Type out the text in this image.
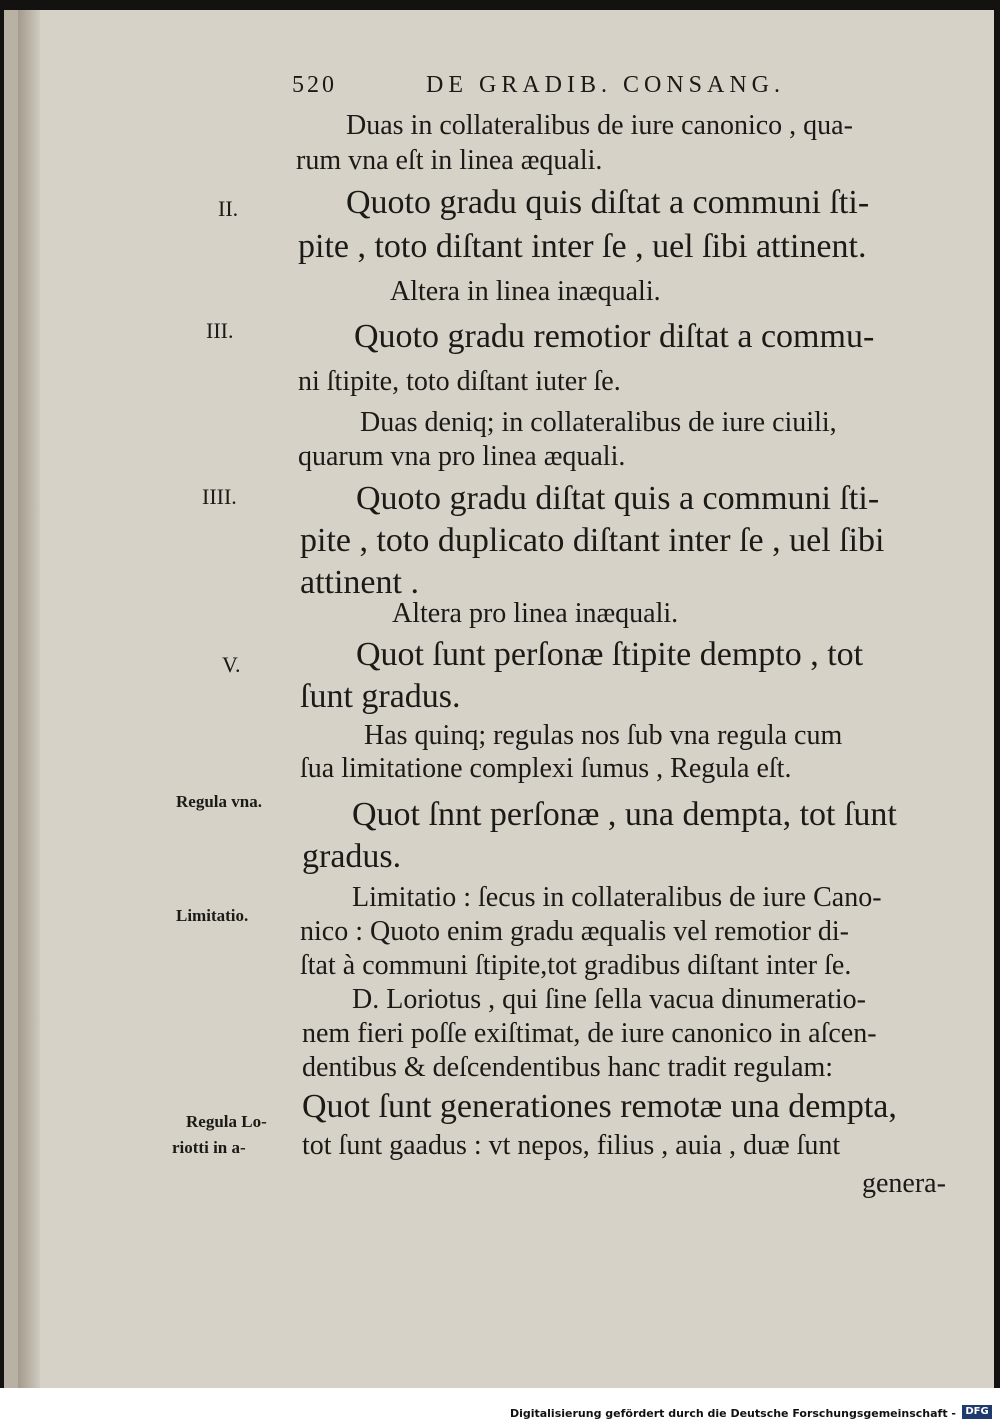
520	DE GRADIB. CONSANG.
Duas in collateralibus de iure canonico , qua-
rum vna eſt in linea æquali.
Quoto gradu quis diſtat a communi ſti-
pite , toto diſtant inter ſe , uel ſibi attinent.
Altera in linea inæquali.
Quoto gradu remotior diſtat a commu-
ni ſtipite, toto diſtant iuter ſe.
Duas deniq; in collateralibus de iure ciuili,
quarum vna pro linea æquali.
Quoto gradu diſtat quis a communi ſti-
pite , toto duplicato diſtant inter ſe , uel ſibi
attinent .
Altera pro linea inæquali.
Quot ſunt perſonæ ſtipite dempto , tot
ſunt gradus.
Has quinq; regulas nos ſub vna regula cum
ſua limitatione complexi ſumus , Regula eſt.
Quot ſnnt perſonæ , una dempta, tot ſunt
gradus.
Limitatio : ſecus in collateralibus de iure Cano-
nico : Quoto enim gradu æqualis vel remotior di-
ſtat à communi ſtipite,tot gradibus diſtant inter ſe.
D. Loriotus , qui ſine ſella vacua dinumeratio-
nem fieri poſſe exiſtimat, de iure canonico in aſcen-
dentibus & deſcendentibus hanc tradit regulam:
Quot ſunt generationes remotæ una dempta,
tot ſunt gaadus : vt nepos, filius , auia , duæ ſunt
genera-
II.
III.
IIII.
V.
Regula vna.
Limitatio.
Regula Lo-
riotti in a-
Digitalisierung gefördert durch die Deutsche Forschungsgemeinschaft - DFG
